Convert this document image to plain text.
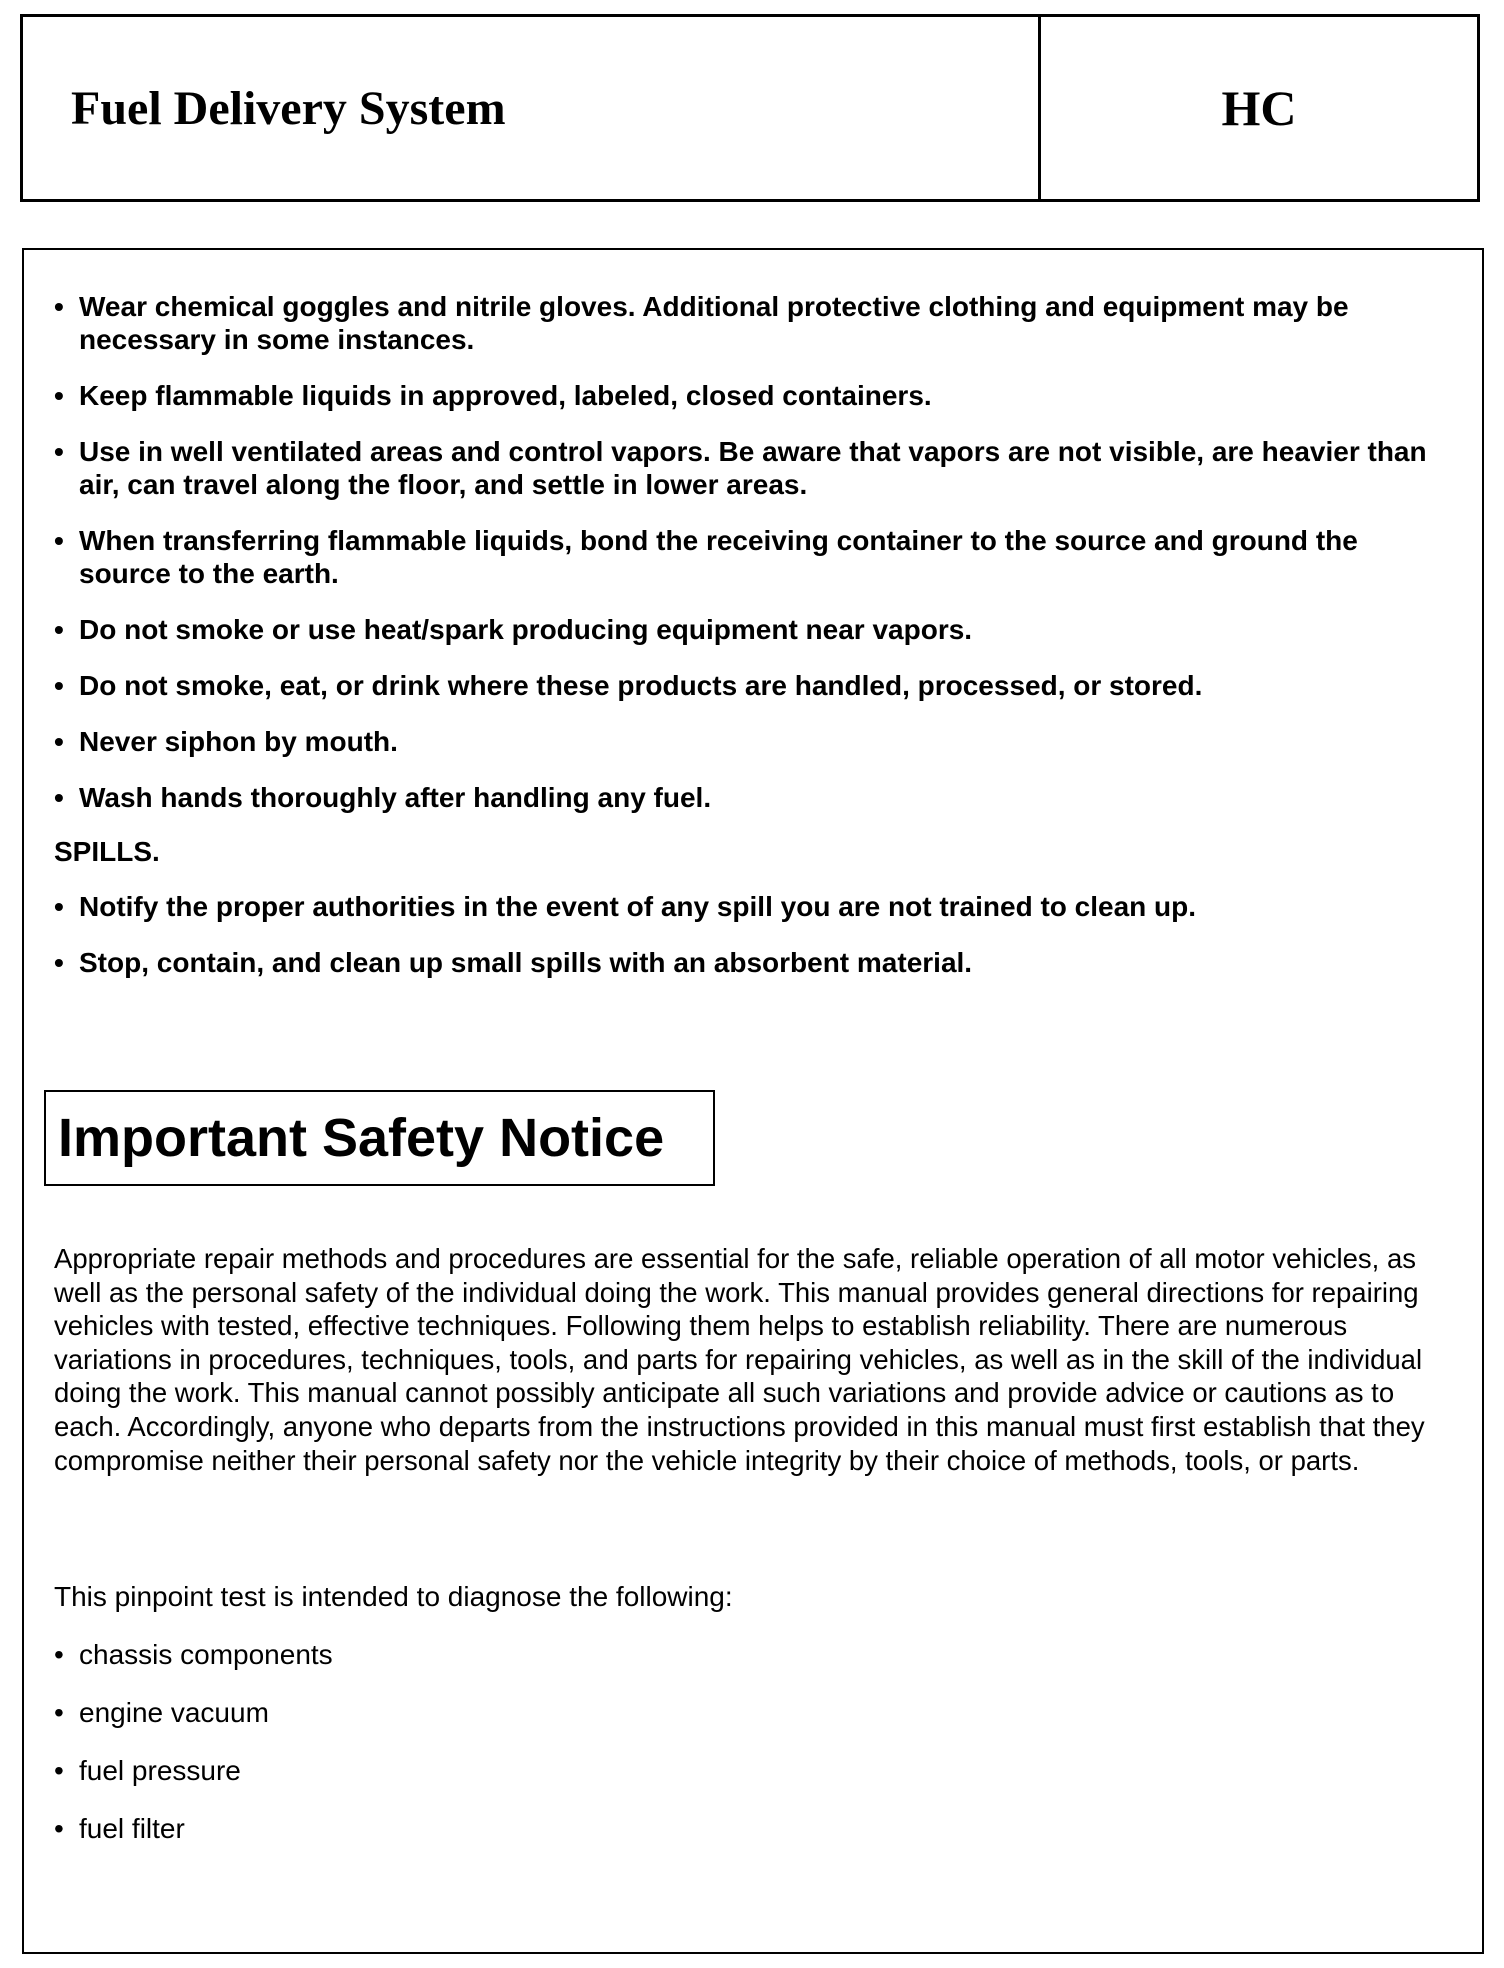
Fuel Delivery System	HC
• Wear chemical goggles and nitrile gloves. Additional protective clothing and equipment may be necessary in some instances.
• Keep flammable liquids in approved, labeled, closed containers.
• Use in well ventilated areas and control vapors. Be aware that vapors are not visible, are heavier than air, can travel along the floor, and settle in lower areas.
• When transferring flammable liquids, bond the receiving container to the source and ground the source to the earth.
• Do not smoke or use heat/spark producing equipment near vapors.
• Do not smoke, eat, or drink where these products are handled, processed, or stored.
• Never siphon by mouth.
• Wash hands thoroughly after handling any fuel.
SPILLS.
• Notify the proper authorities in the event of any spill you are not trained to clean up.
• Stop, contain, and clean up small spills with an absorbent material.
Important Safety Notice

Appropriate repair methods and procedures are essential for the safe, reliable operation of all motor vehicles, as well as the personal safety of the individual doing the work. This manual provides general directions for repairing vehicles with tested, effective techniques. Following them helps to establish reliability. There are numerous variations in procedures, techniques, tools, and parts for repairing vehicles, as well as in the skill of the individual doing the work. This manual cannot possibly anticipate all such variations and provide advice or cautions as to each. Accordingly, anyone who departs from the instructions provided in this manual must first establish that they compromise neither their personal safety nor the vehicle integrity by their choice of methods, tools, or parts.

This pinpoint test is intended to diagnose the following:

• chassis components
• engine vacuum
• fuel pressure
• fuel filter
